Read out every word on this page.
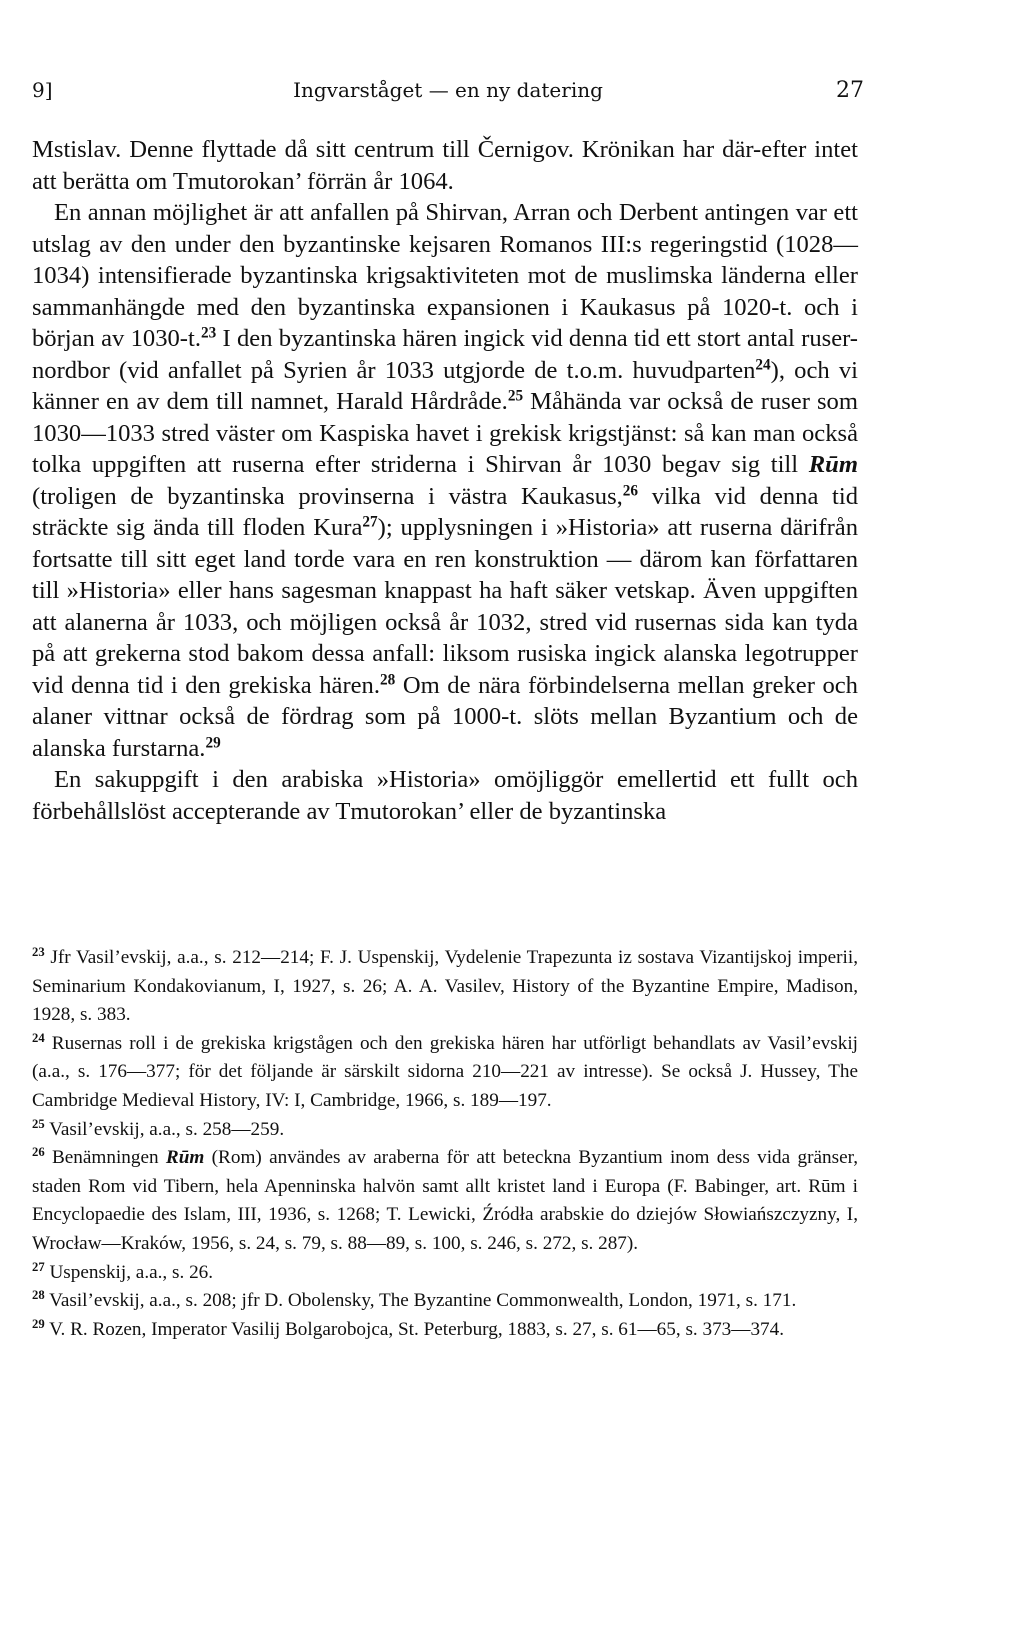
9]	Ingvarståget — en ny datering	27

Mstislav. Denne flyttade då sitt centrum till Černigov. Krönikan har där-efter intet att berätta om Tmutorokan’ förrän år 1064.

En annan möjlighet är att anfallen på Shirvan, Arran och Derbent antingen var ett utslag av den under den byzantinske kejsaren Romanos III:s regeringstid (1028—1034) intensifierade byzantinska krigsaktiviteten mot de muslimska länderna eller sammanhängde med den byzantinska expansionen i Kaukasus på 1020-t. och i början av 1030-t.$^{23}$ I den byzantinska hären ingick vid denna tid ett stort antal ruser-nordbor (vid anfallet på Syrien år 1033 utgjorde de t.o.m. huvudparten$^{24}$), och vi känner en av dem till namnet, Harald Hårdråde.$^{25}$ Måhända var också de ruser som 1030—1033 stred väster om Kaspiska havet i grekisk krigstjänst: så kan man också tolka uppgiften att ruserna efter striderna i Shirvan år 1030 begav sig till Rūm (troligen de byzantinska provinserna i västra Kaukasus,$^{26}$ vilka vid denna tid sträckte sig ända till floden Kura$^{27}$); upplysningen i »Historia» att ruserna därifrån fortsatte till sitt eget land torde vara en ren konstruktion — därom kan författaren till »Historia» eller hans sagesman knappast ha haft säker vetskap. Även uppgiften att alanerna år 1033, och möjligen också år 1032, stred vid rusernas sida kan tyda på att grekerna stod bakom dessa anfall: liksom rusiska ingick alanska legotrupper vid denna tid i den grekiska hären.$^{28}$ Om de nära förbindelserna mellan greker och alaner vittnar också de fördrag som på 1000-t. slöts mellan Byzantium och de alanska furstarna.$^{29}$

En sakuppgift i den arabiska »Historia» omöjliggör emellertid ett fullt och förbehållslöst accepterande av Tmutorokan’ eller de byzantinska

$^{23}$ Jfr Vasil’evskij, a.a., s. 212—214; F. J. Uspenskij, Vydelenie Trapezunta iz sostava Vizantijskoj imperii, Seminarium Kondakovianum, I, 1927, s. 26; A. A. Vasilev, History of the Byzantine Empire, Madison, 1928, s. 383.

$^{24}$ Rusernas roll i de grekiska krigstågen och den grekiska hären har utförligt behandlats av Vasil’evskij (a.a., s. 176—377; för det följande är särskilt sidorna 210—221 av intresse). Se också J. Hussey, The Cambridge Medieval History, IV: I, Cambridge, 1966, s. 189—197.

$^{25}$ Vasil’evskij, a.a., s. 258—259.

$^{26}$ Benämningen Rūm (Rom) användes av araberna för att beteckna Byzantium inom dess vida gränser, staden Rom vid Tibern, hela Apenninska halvön samt allt kristet land i Europa (F. Babinger, art. Rūm i Encyclopaedie des Islam, III, 1936, s. 1268; T. Lewicki, Źródła arabskie do dziejów Słowiańszczyzny, I, Wrocław—Kraków, 1956, s. 24, s. 79, s. 88—89, s. 100, s. 246, s. 272, s. 287).

$^{27}$ Uspenskij, a.a., s. 26.

$^{28}$ Vasil’evskij, a.a., s. 208; jfr D. Obolensky, The Byzantine Commonwealth, London, 1971, s. 171.

$^{29}$ V. R. Rozen, Imperator Vasilij Bolgarobojca, St. Peterburg, 1883, s. 27, s. 61—65, s. 373—374.
